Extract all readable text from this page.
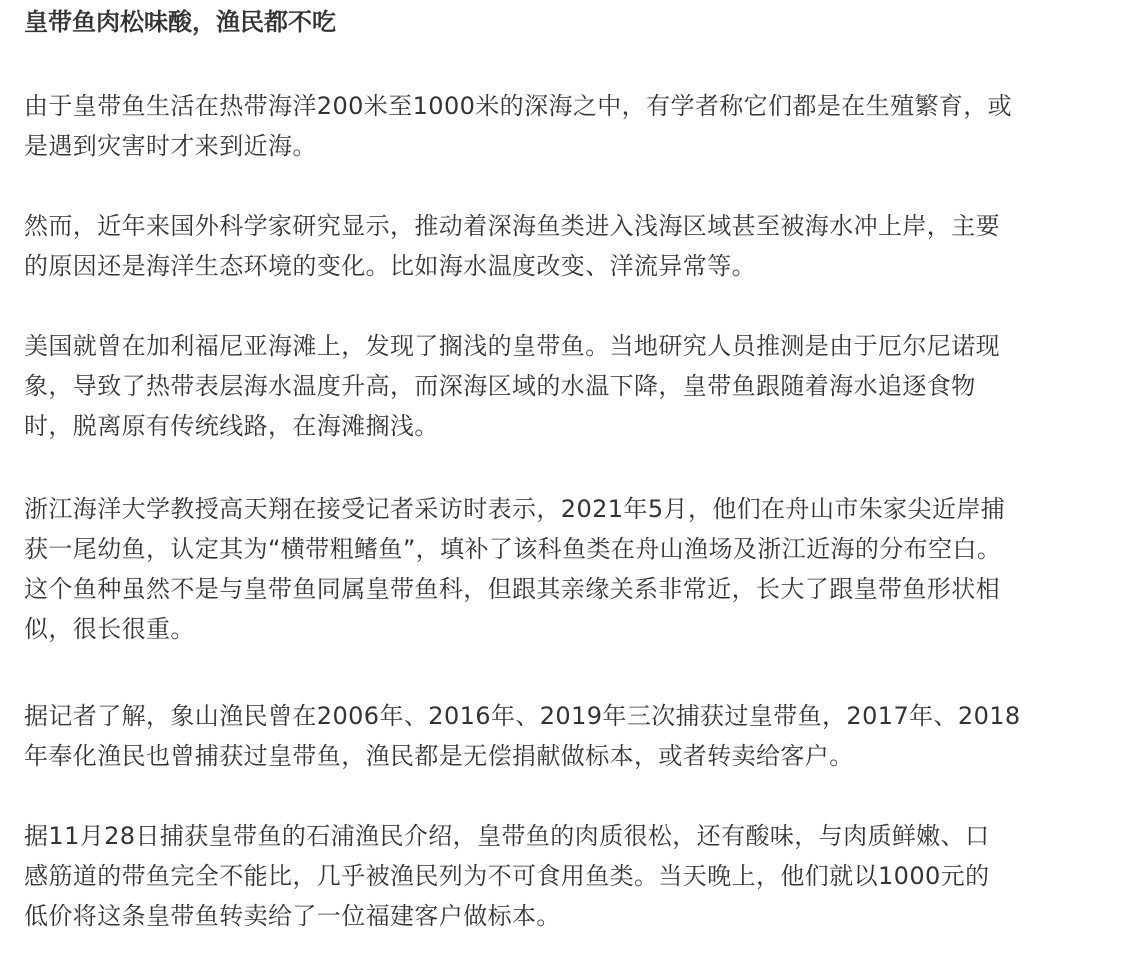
皇带鱼肉松味酸，渔民都不吃

由于皇带鱼生活在热带海洋200米至1000米的深海之中，有学者称它们都是在生殖繁育，或
是遇到灾害时才来到近海。

然而，近年来国外科学家研究显示，推动着深海鱼类进入浅海区域甚至被海水冲上岸，主要
的原因还是海洋生态环境的变化。比如海水温度改变、洋流异常等。

美国就曾在加利福尼亚海滩上，发现了搁浅的皇带鱼。当地研究人员推测是由于厄尔尼诺现
象，导致了热带表层海水温度升高，而深海区域的水温下降，皇带鱼跟随着海水追逐食物
时，脱离原有传统线路，在海滩搁浅。

浙江海洋大学教授高天翔在接受记者采访时表示，2021年5月，他们在舟山市朱家尖近岸捕
获一尾幼鱼，认定其为“横带粗鳍鱼”，填补了该科鱼类在舟山渔场及浙江近海的分布空白。
这个鱼种虽然不是与皇带鱼同属皇带鱼科，但跟其亲缘关系非常近，长大了跟皇带鱼形状相
似，很长很重。

据记者了解，象山渔民曾在2006年、2016年、2019年三次捕获过皇带鱼，2017年、2018
年奉化渔民也曾捕获过皇带鱼，渔民都是无偿捐献做标本，或者转卖给客户。

据11月28日捕获皇带鱼的石浦渔民介绍，皇带鱼的肉质很松，还有酸味，与肉质鲜嫩、口
感筋道的带鱼完全不能比，几乎被渔民列为不可食用鱼类。当天晚上，他们就以1000元的
低价将这条皇带鱼转卖给了一位福建客户做标本。
